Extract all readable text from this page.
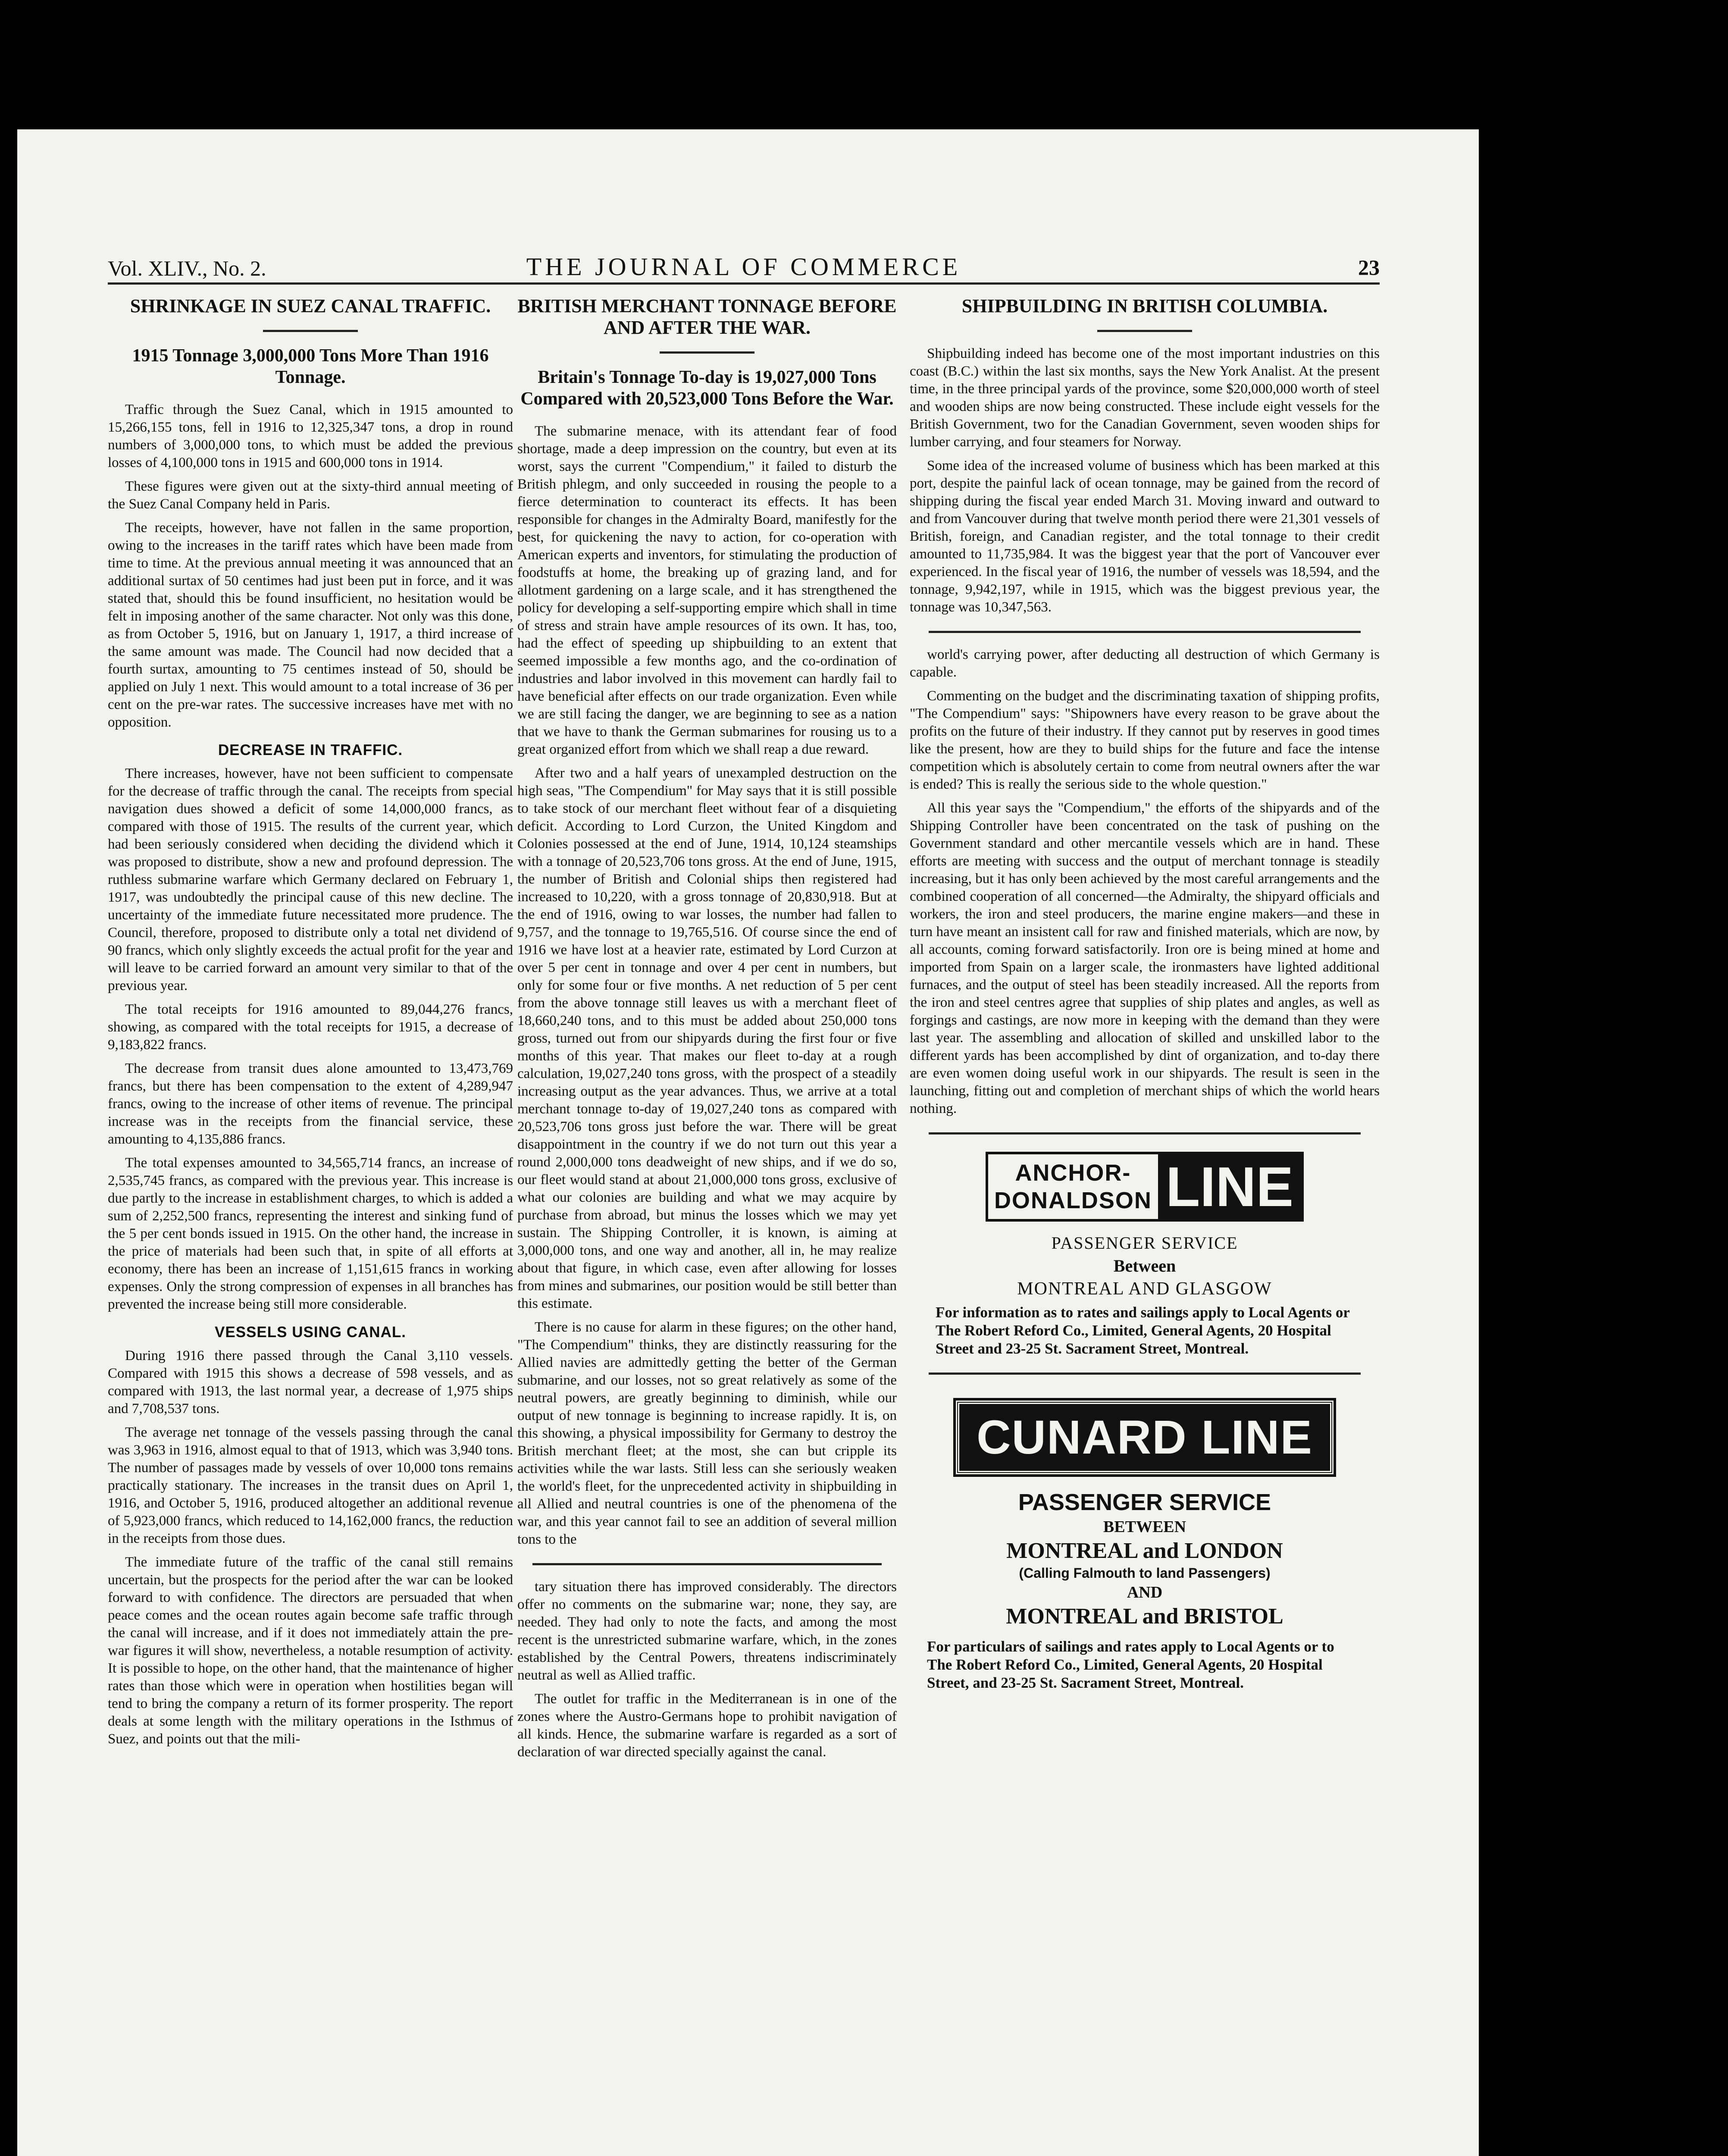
Vol. XLIV., No. 2.	THE JOURNAL OF COMMERCE	23
SHRINKAGE IN SUEZ CANAL TRAFFIC.
1915 Tonnage 3,000,000 Tons More Than 1916 Tonnage.

Traffic through the Suez Canal, which in 1915 amounted to 15,266,155 tons, fell in 1916 to 12,325,347 tons, a drop in round numbers of 3,000,000 tons, to which must be added the previous losses of 4,100,000 tons in 1915 and 600,000 tons in 1914.

These figures were given out at the sixty-third annual meeting of the Suez Canal Company held in Paris.

The receipts, however, have not fallen in the same proportion, owing to the increases in the tariff rates which have been made from time to time. At the previous annual meeting it was announced that an additional surtax of 50 centimes had just been put in force, and it was stated that, should this be found insufficient, no hesitation would be felt in imposing another of the same character. Not only was this done, as from October 5, 1916, but on January 1, 1917, a third increase of the same amount was made. The Council had now decided that a fourth surtax, amounting to 75 centimes instead of 50, should be applied on July 1 next. This would amount to a total increase of 36 per cent on the pre-war rates. The successive increases have met with no opposition.

DECREASE IN TRAFFIC.

There increases, however, have not been sufficient to compensate for the decrease of traffic through the canal. The receipts from special navigation dues showed a deficit of some 14,000,000 francs, as compared with those of 1915. The results of the current year, which had been seriously considered when deciding the dividend which it was proposed to distribute, show a new and profound depression. The ruthless submarine warfare which Germany declared on February 1, 1917, was undoubtedly the principal cause of this new decline. The uncertainty of the immediate future necessitated more prudence. The Council, therefore, proposed to distribute only a total net dividend of 90 francs, which only slightly exceeds the actual profit for the year and will leave to be carried forward an amount very similar to that of the previous year.

The total receipts for 1916 amounted to 89,044,276 francs, showing, as compared with the total receipts for 1915, a decrease of 9,183,822 francs.

The decrease from transit dues alone amounted to 13,473,769 francs, but there has been compensation to the extent of 4,289,947 francs, owing to the increase of other items of revenue. The principal increase was in the receipts from the financial service, these amounting to 4,135,886 francs.

The total expenses amounted to 34,565,714 francs, an increase of 2,535,745 francs, as compared with the previous year. This increase is due partly to the increase in establishment charges, to which is added a sum of 2,252,500 francs, representing the interest and sinking fund of the 5 per cent bonds issued in 1915. On the other hand, the increase in the price of materials had been such that, in spite of all efforts at economy, there has been an increase of 1,151,615 francs in working expenses. Only the strong compression of expenses in all branches has prevented the increase being still more considerable.

VESSELS USING CANAL.

During 1916 there passed through the Canal 3,110 vessels. Compared with 1915 this shows a decrease of 598 vessels, and as compared with 1913, the last normal year, a decrease of 1,975 ships and 7,708,537 tons.

The average net tonnage of the vessels passing through the canal was 3,963 in 1916, almost equal to that of 1913, which was 3,940 tons. The number of passages made by vessels of over 10,000 tons remains practically stationary. The increases in the transit dues on April 1, 1916, and October 5, 1916, produced altogether an additional revenue of 5,923,000 francs, which reduced to 14,162,000 francs, the reduction in the receipts from those dues.

The immediate future of the traffic of the canal still remains uncertain, but the prospects for the period after the war can be looked forward to with confidence. The directors are persuaded that when peace comes and the ocean routes again become safe traffic through the canal will increase, and if it does not immediately attain the pre-war figures it will show, nevertheless, a notable resumption of activity. It is possible to hope, on the other hand, that the maintenance of higher rates than those which were in operation when hostilities began will tend to bring the company a return of its former prosperity. The report deals at some length with the military operations in the Isthmus of Suez, and points out that the mili-

BRITISH MERCHANT TONNAGE BEFORE AND AFTER THE WAR.
Britain's Tonnage To-day is 19,027,000 Tons Compared with 20,523,000 Tons Before the War.

The submarine menace, with its attendant fear of food shortage, made a deep impression on the country, but even at its worst, says the current "Compendium," it failed to disturb the British phlegm, and only succeeded in rousing the people to a fierce determination to counteract its effects. It has been responsible for changes in the Admiralty Board, manifestly for the best, for quickening the navy to action, for co-operation with American experts and inventors, for stimulating the production of foodstuffs at home, the breaking up of grazing land, and for allotment gardening on a large scale, and it has strengthened the policy for developing a self-supporting empire which shall in time of stress and strain have ample resources of its own. It has, too, had the effect of speeding up shipbuilding to an extent that seemed impossible a few months ago, and the co-ordination of industries and labor involved in this movement can hardly fail to have beneficial after effects on our trade organization. Even while we are still facing the danger, we are beginning to see as a nation that we have to thank the German submarines for rousing us to a great organized effort from which we shall reap a due reward.

After two and a half years of unexampled destruction on the high seas, "The Compendium" for May says that it is still possible to take stock of our merchant fleet without fear of a disquieting deficit. According to Lord Curzon, the United Kingdom and Colonies possessed at the end of June, 1914, 10,124 steamships with a tonnage of 20,523,706 tons gross. At the end of June, 1915, the number of British and Colonial ships then registered had increased to 10,220, with a gross tonnage of 20,830,918. But at the end of 1916, owing to war losses, the number had fallen to 9,757, and the tonnage to 19,765,516. Of course since the end of 1916 we have lost at a heavier rate, estimated by Lord Curzon at over 5 per cent in tonnage and over 4 per cent in numbers, but only for some four or five months. A net reduction of 5 per cent from the above tonnage still leaves us with a merchant fleet of 18,660,240 tons, and to this must be added about 250,000 tons gross, turned out from our shipyards during the first four or five months of this year. That makes our fleet to-day at a rough calculation, 19,027,240 tons gross, with the prospect of a steadily increasing output as the year advances. Thus, we arrive at a total merchant tonnage to-day of 19,027,240 tons as compared with 20,523,706 tons gross just before the war. There will be great disappointment in the country if we do not turn out this year a round 2,000,000 tons deadweight of new ships, and if we do so, our fleet would stand at about 21,000,000 tons gross, exclusive of what our colonies are building and what we may acquire by purchase from abroad, but minus the losses which we may yet sustain. The Shipping Controller, it is known, is aiming at 3,000,000 tons, and one way and another, all in, he may realize about that figure, in which case, even after allowing for losses from mines and submarines, our position would be still better than this estimate.

There is no cause for alarm in these figures; on the other hand, "The Compendium" thinks, they are distinctly reassuring for the Allied navies are admittedly getting the better of the German submarine, and our losses, not so great relatively as some of the neutral powers, are greatly beginning to diminish, while our output of new tonnage is beginning to increase rapidly. It is, on this showing, a physical impossibility for Germany to destroy the British merchant fleet; at the most, she can but cripple its activities while the war lasts. Still less can she seriously weaken the world's fleet, for the unprecedented activity in shipbuilding in all Allied and neutral countries is one of the phenomena of the war, and this year cannot fail to see an addition of several million tons to the

tary situation there has improved considerably. The directors offer no comments on the submarine war; none, they say, are needed. They had only to note the facts, and among the most recent is the unrestricted submarine warfare, which, in the zones established by the Central Powers, threatens indiscriminately neutral as well as Allied traffic.

The outlet for traffic in the Mediterranean is in one of the zones where the Austro-Germans hope to prohibit navigation of all kinds. Hence, the submarine warfare is regarded as a sort of declaration of war directed specially against the canal.

SHIPBUILDING IN BRITISH COLUMBIA.

Shipbuilding indeed has become one of the most important industries on this coast (B.C.) within the last six months, says the New York Analist. At the present time, in the three principal yards of the province, some $20,000,000 worth of steel and wooden ships are now being constructed. These include eight vessels for the British Government, two for the Canadian Government, seven wooden ships for lumber carrying, and four steamers for Norway.

Some idea of the increased volume of business which has been marked at this port, despite the painful lack of ocean tonnage, may be gained from the record of shipping during the fiscal year ended March 31. Moving inward and outward to and from Vancouver during that twelve month period there were 21,301 vessels of British, foreign, and Canadian register, and the total tonnage to their credit amounted to 11,735,984. It was the biggest year that the port of Vancouver ever experienced. In the fiscal year of 1916, the number of vessels was 18,594, and the tonnage, 9,942,197, while in 1915, which was the biggest previous year, the tonnage was 10,347,563.

world's carrying power, after deducting all destruction of which Germany is capable.

Commenting on the budget and the discriminating taxation of shipping profits, "The Compendium" says: "Shipowners have every reason to be grave about the profits on the future of their industry. If they cannot put by reserves in good times like the present, how are they to build ships for the future and face the intense competition which is absolutely certain to come from neutral owners after the war is ended? This is really the serious side to the whole question."

All this year says the "Compendium," the efforts of the shipyards and of the Shipping Controller have been concentrated on the task of pushing on the Government standard and other mercantile vessels which are in hand. These efforts are meeting with success and the output of merchant tonnage is steadily increasing, but it has only been achieved by the most careful arrangements and the combined cooperation of all concerned—the Admiralty, the shipyard officials and workers, the iron and steel producers, the marine engine makers—and these in turn have meant an insistent call for raw and finished materials, which are now, by all accounts, coming forward satisfactorily. Iron ore is being mined at home and imported from Spain on a larger scale, the ironmasters have lighted additional furnaces, and the output of steel has been steadily increased. All the reports from the iron and steel centres agree that supplies of ship plates and angles, as well as forgings and castings, are now more in keeping with the demand than they were last year. The assembling and allocation of skilled and unskilled labor to the different yards has been accomplished by dint of organization, and to-day there are even women doing useful work in our shipyards. The result is seen in the launching, fitting out and completion of merchant ships of which the world hears nothing.

ANCHOR-
DONALDSON LINE
PASSENGER SERVICE
Between
MONTREAL AND GLASGOW
For information as to rates and sailings apply to Local Agents or The Robert Reford Co., Limited, General Agents, 20 Hospital Street and 23-25 St. Sacrament Street, Montreal.
CUNARD LINE
PASSENGER SERVICE
BETWEEN
MONTREAL and LONDON
(Calling Falmouth to land Passengers)
AND
MONTREAL and BRISTOL
For particulars of sailings and rates apply to Local Agents or to The Robert Reford Co., Limited, General Agents, 20 Hospital Street, and 23-25 St. Sacrament Street, Montreal.
